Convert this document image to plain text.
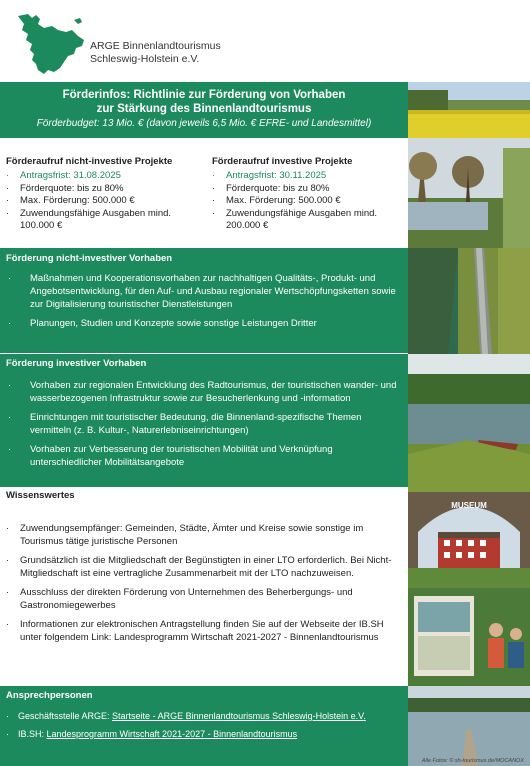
ARGE Binnenlandtourismus
Schleswig-Holstein e.V.
Förderinfos: Richtlinie zur Förderung von Vorhaben
zur Stärkung des Binnenlandtourismus
Förderbudget: 13 Mio. € (davon jeweils 6,5 Mio. € EFRE- und Landesmittel)
Förderaufruf nicht-investive Projekte
· Antragsfrist: 31.08.2025
· Förderquote: bis zu 80%
· Max. Förderung: 500.000 €
· Zuwendungsfähige Ausgaben mind. 100.000 €
Förderaufruf investive Projekte
· Antragsfrist: 30.11.2025
· Förderquote: bis zu 80%
· Max. Förderung: 500.000 €
· Zuwendungsfähige Ausgaben mind. 200.000 €
Förderung nicht-investiver Vorhaben
· Maßnahmen und Kooperationsvorhaben zur nachhaltigen Qualitäts-, Produkt- und Angebotsentwicklung, für den Auf- und Ausbau regionaler Wertschöpfungsketten sowie zur Digitalisierung touristischer Dienstleistungen
· Planungen, Studien und Konzepte sowie sonstige Leistungen Dritter
Förderung investiver Vorhaben
· Vorhaben zur regionalen Entwicklung des Radtourismus, der touristischen wander- und wasserbezogenen Infrastruktur sowie zur Besucherlenkung und -information
· Einrichtungen mit touristischer Bedeutung, die Binnenland-spezifische Themen vermitteln (z. B. Kultur-, Naturerlebniseinrichtungen)
· Vorhaben zur Verbesserung der touristischen Mobilität und Verknüpfung unterschiedlicher Mobilitätsangebote
Wissenswertes
· Zuwendungsempfänger: Gemeinden, Städte, Ämter und Kreise sowie sonstige im Tourismus tätige juristische Personen
· Grundsätzlich ist die Mitgliedschaft der Begünstigten in einer LTO erforderlich. Bei Nicht-Mitgliedschaft ist eine vertragliche Zusammenarbeit mit der LTO nachzuweisen.
· Ausschluss der direkten Förderung von Unternehmen des Beherbergungs- und Gastronomiegewerbes
· Informationen zur elektronischen Antragstellung finden Sie auf der Webseite der IB.SH unter folgendem Link: Landesprogramm Wirtschaft 2021-2027 - Binnenlandtourismus
Ansprechpersonen
· Geschäftsstelle ARGE: Startseite - ARGE Binnenlandtourismus Schleswig-Holstein e.V.
· IB.SH: Landesprogramm Wirtschaft 2021-2027 - Binnenlandtourismus
MUSEUM
Alle Fotos: © sh-tourismus.de/MOCANOX
